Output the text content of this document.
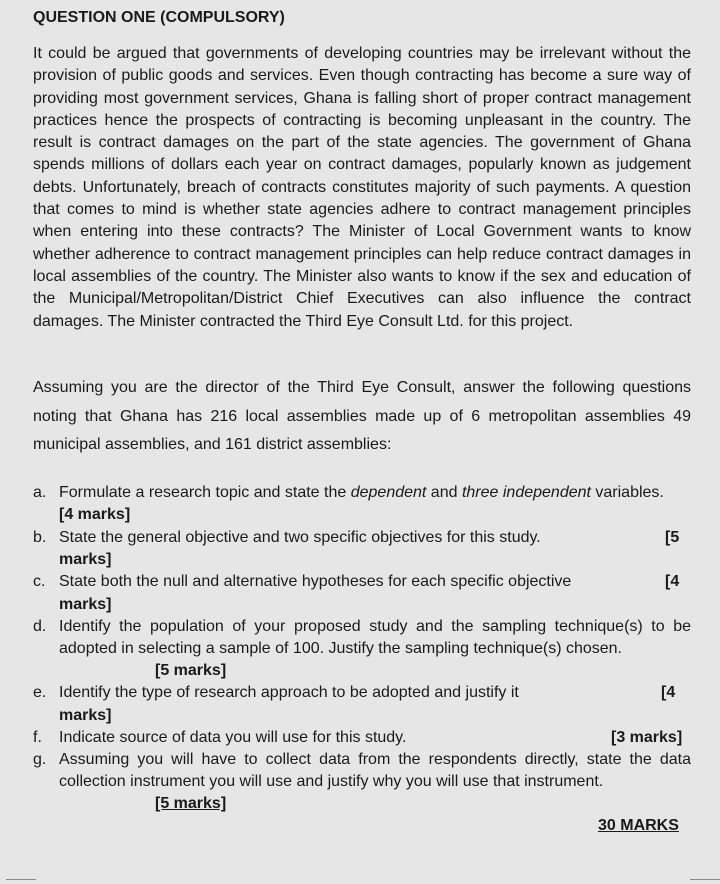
QUESTION ONE (COMPULSORY)

It could be argued that governments of developing countries may be irrelevant without the provision of public goods and services. Even though contracting has become a sure way of providing most government services, Ghana is falling short of proper contract management practices hence the prospects of contracting is becoming unpleasant in the country. The result is contract damages on the part of the state agencies. The government of Ghana spends millions of dollars each year on contract damages, popularly known as judgement debts. Unfortunately, breach of contracts constitutes majority of such payments. A question that comes to mind is whether state agencies adhere to contract management principles when entering into these contracts? The Minister of Local Government wants to know whether adherence to contract management principles can help reduce contract damages in local assemblies of the country. The Minister also wants to know if the sex and education of the Municipal/Metropolitan/District Chief Executives can also influence the contract damages. The Minister contracted the Third Eye Consult Ltd. for this project.

Assuming you are the director of the Third Eye Consult, answer the following questions noting that Ghana has 216 local assemblies made up of 6 metropolitan assemblies 49 municipal assemblies, and 161 district assemblies:

a. Formulate a research topic and state the dependent and three independent variables.
[4 marks]
b. State the general objective and two specific objectives for this study.	[5

marks]
c. State both the null and alternative hypotheses for each specific objective	[4

marks]
d. Identify the population of your proposed study and the sampling technique(s) to be adopted in selecting a sample of 100. Justify the sampling technique(s) chosen.
[5 marks]
e. Identify the type of research approach to be adopted and justify it	[4

marks]
f. Indicate source of data you will use for this study.	[3 marks]
g. Assuming you will have to collect data from the respondents directly, state the data collection instrument you will use and justify why you will use that instrument.
[5 marks]
30 MARKS
